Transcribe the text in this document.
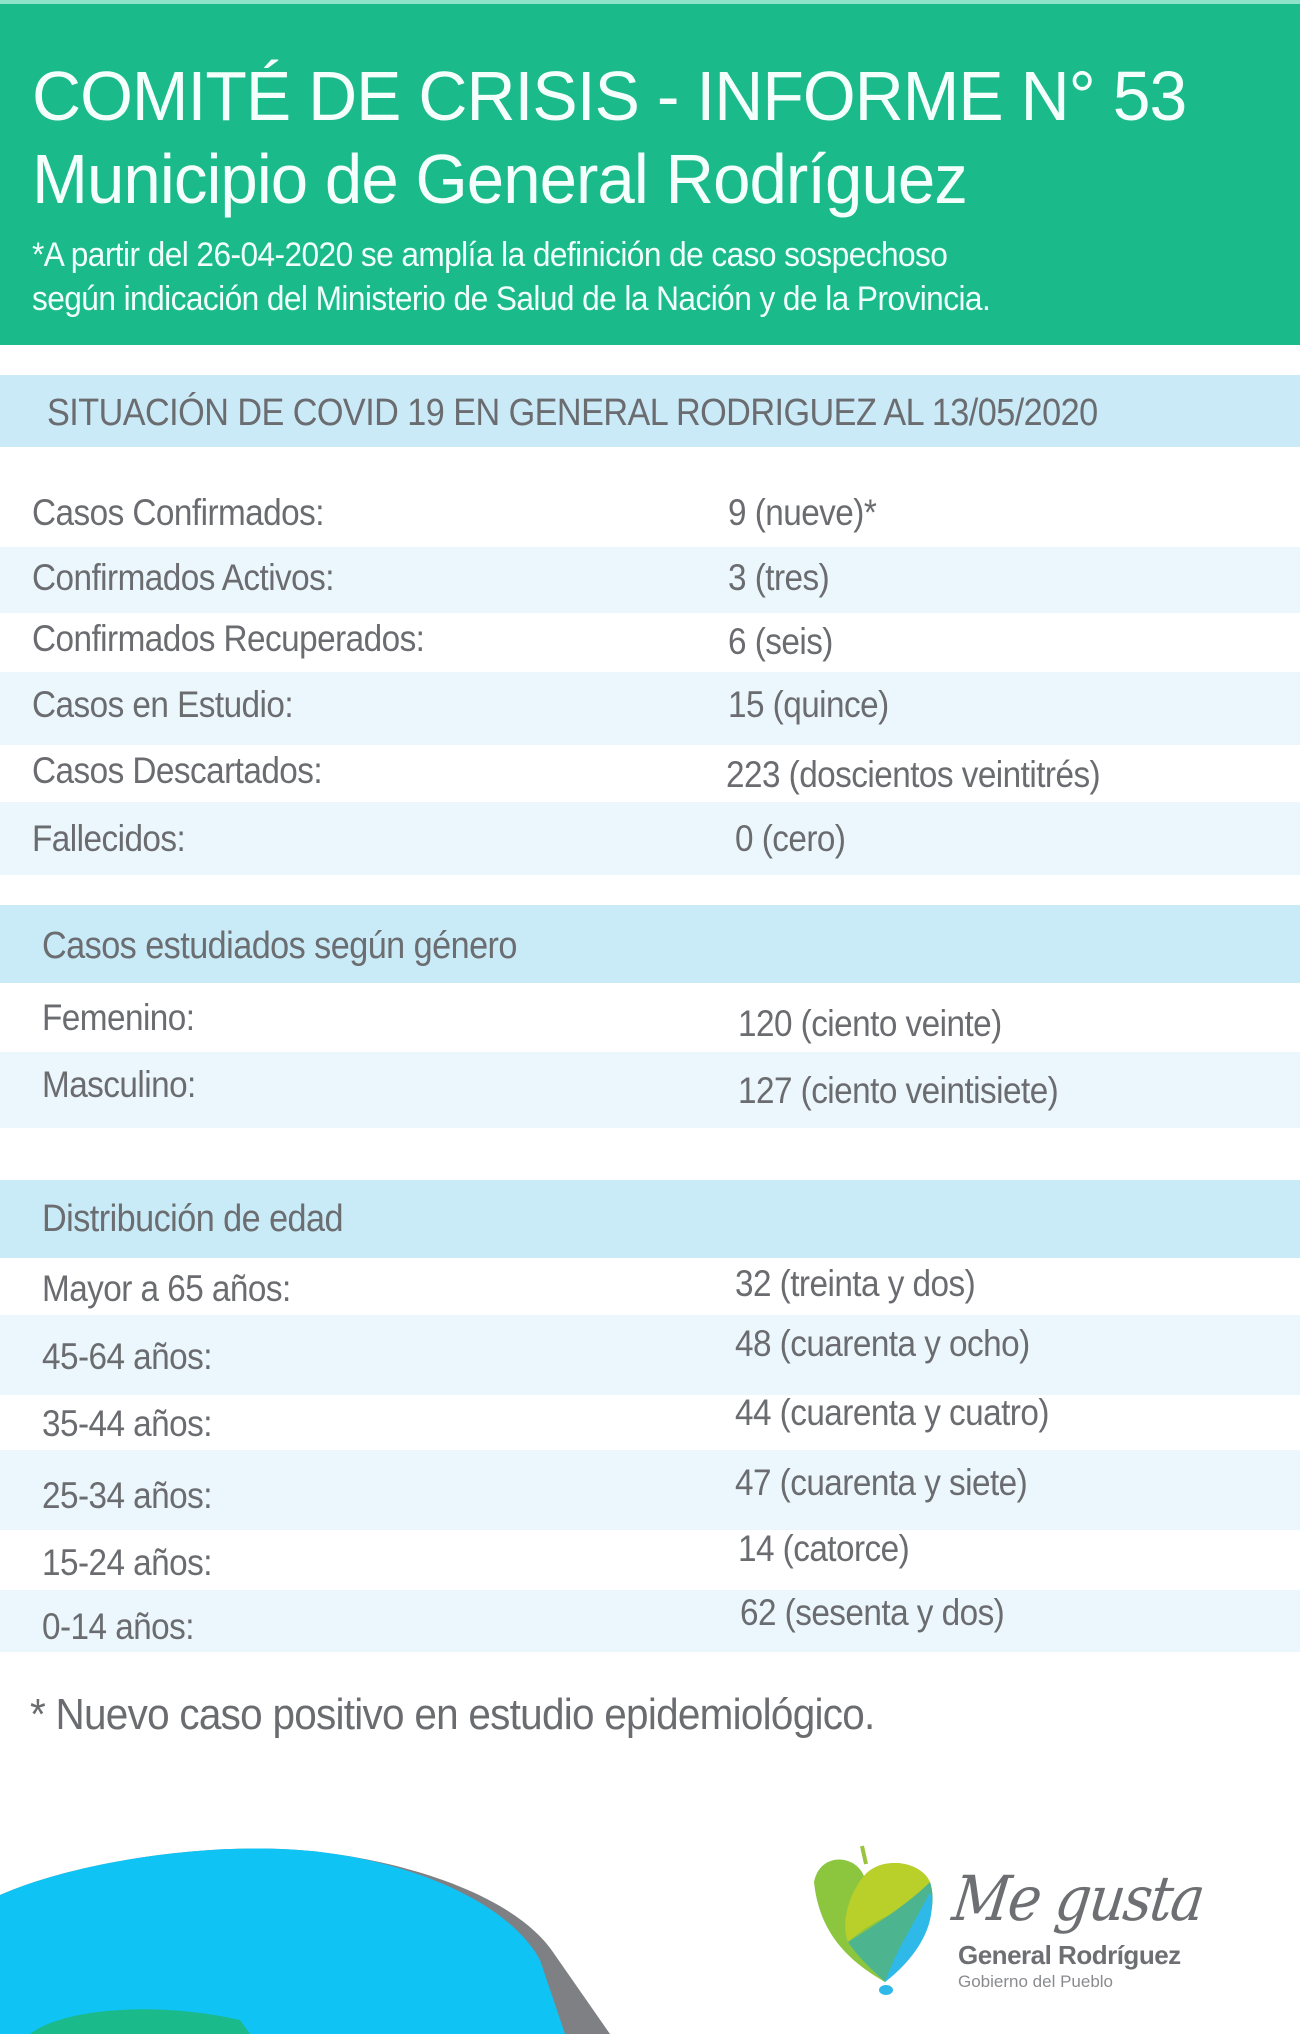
COMITÉ DE CRISIS - INFORME N° 53
Municipio de General Rodríguez
*A partir del 26-04-2020 se amplía la definición de caso sospechoso
según indicación del Ministerio de Salud de la Nación y de la Provincia.
SITUACIÓN DE COVID 19 EN GENERAL RODRIGUEZ AL 13/05/2020
Casos Confirmados:	9 (nueve)*
Confirmados Activos:	3 (tres)
Confirmados Recuperados:	6 (seis)
Casos en Estudio:	15 (quince)
Casos Descartados:	223 (doscientos veintitrés)
Fallecidos:	0 (cero)
Casos estudiados según género
Femenino:	120 (ciento veinte)
Masculino:	127 (ciento veintisiete)
Distribución de edad
Mayor a 65 años:	32 (treinta y dos)
45-64 años:	48 (cuarenta y ocho)
35-44 años:	44 (cuarenta y cuatro)
25-34 años:	47 (cuarenta y siete)
15-24 años:	14 (catorce)
0-14 años:	62 (sesenta y dos)
* Nuevo caso positivo en estudio epidemiológico.
Me gusta
General Rodríguez
Gobierno del Pueblo
